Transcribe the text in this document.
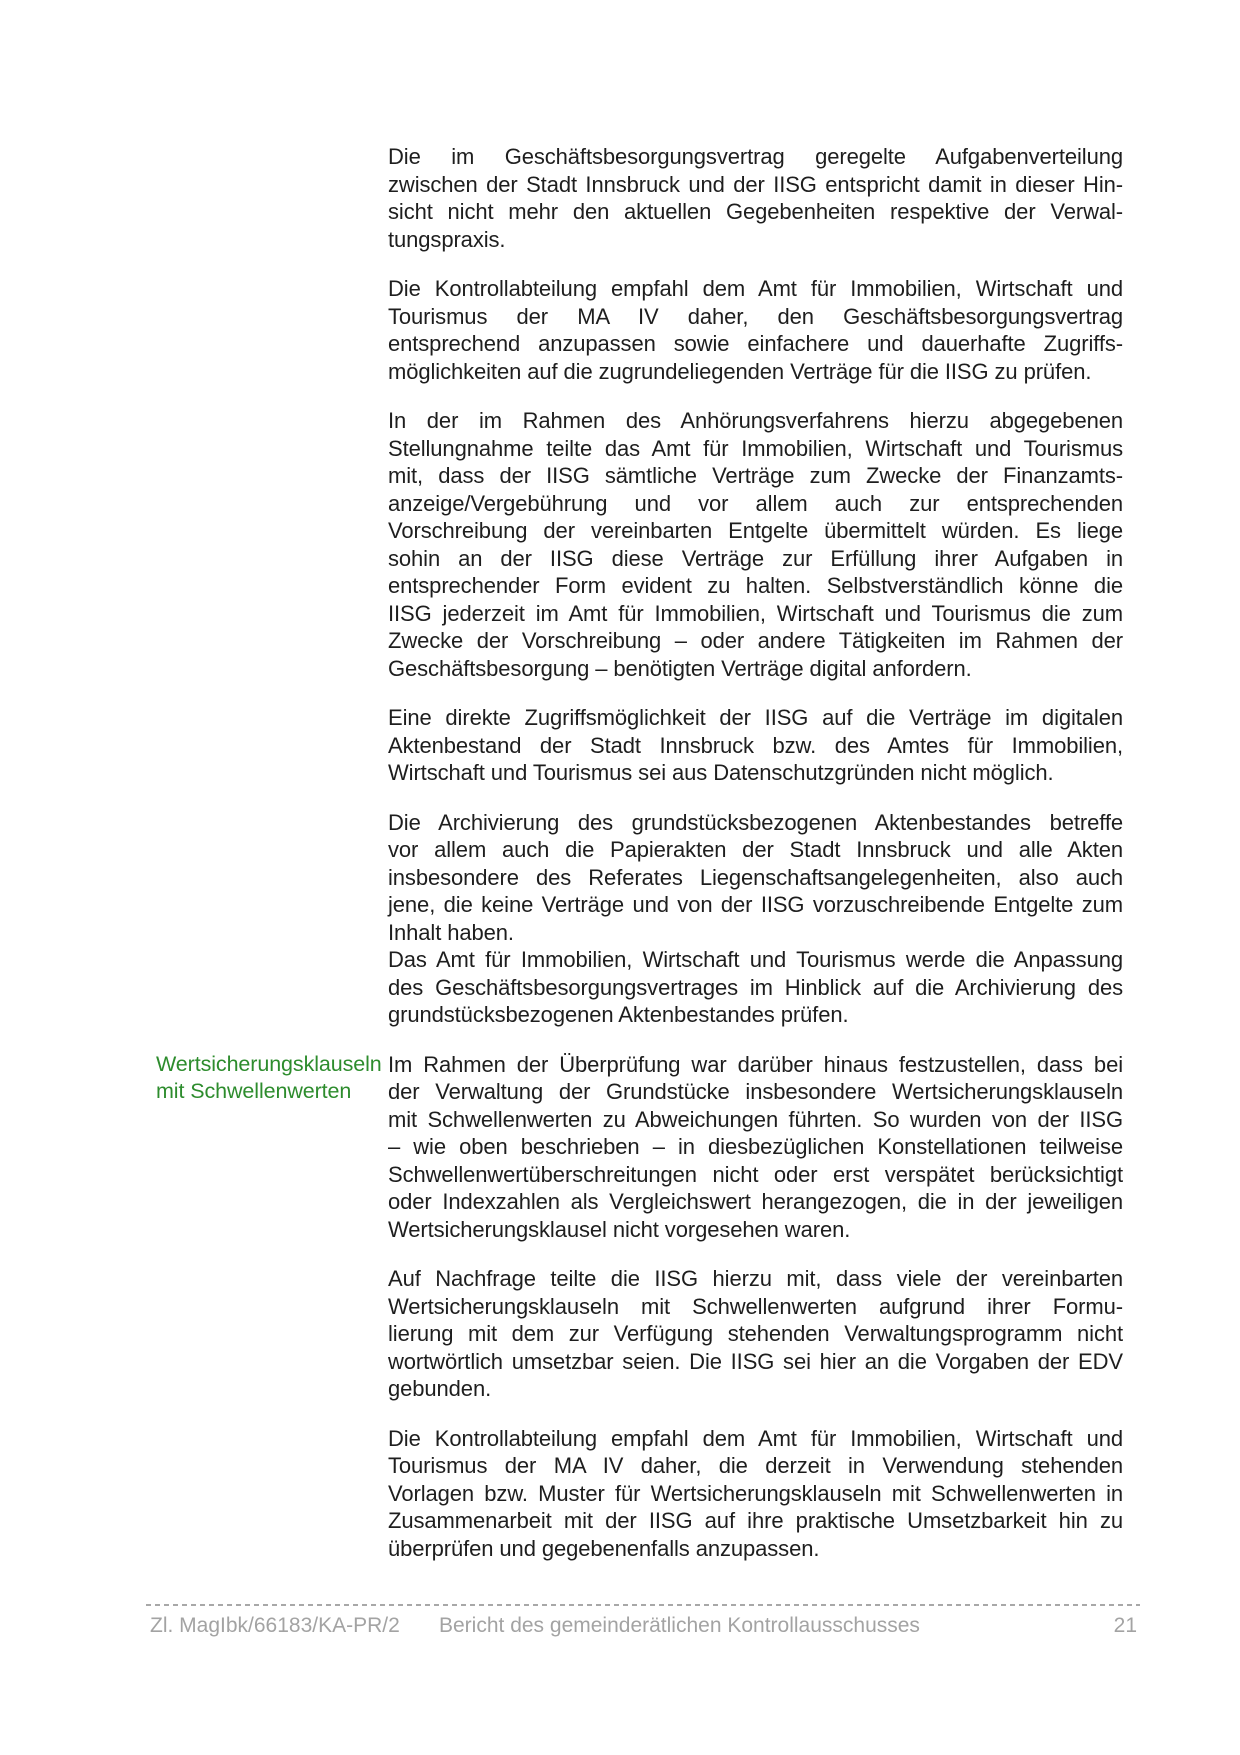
Die im Geschäftsbesorgungsvertrag geregelte Aufgabenverteilung
zwischen der Stadt Innsbruck und der IISG entspricht damit in dieser Hin-
sicht nicht mehr den aktuellen Gegebenheiten respektive der Verwal-
tungspraxis.
Die Kontrollabteilung empfahl dem Amt für Immobilien, Wirtschaft und
Tourismus der MA IV daher, den Geschäftsbesorgungsvertrag
entsprechend anzupassen sowie einfachere und dauerhafte Zugriffs-
möglichkeiten auf die zugrundeliegenden Verträge für die IISG zu prüfen.
In der im Rahmen des Anhörungsverfahrens hierzu abgegebenen
Stellungnahme teilte das Amt für Immobilien, Wirtschaft und Tourismus
mit, dass der IISG sämtliche Verträge zum Zwecke der Finanzamts-
anzeige/Vergebührung und vor allem auch zur entsprechenden
Vorschreibung der vereinbarten Entgelte übermittelt würden. Es liege
sohin an der IISG diese Verträge zur Erfüllung ihrer Aufgaben in
entsprechender Form evident zu halten. Selbstverständlich könne die
IISG jederzeit im Amt für Immobilien, Wirtschaft und Tourismus die zum
Zwecke der Vorschreibung – oder andere Tätigkeiten im Rahmen der
Geschäftsbesorgung – benötigten Verträge digital anfordern.
Eine direkte Zugriffsmöglichkeit der IISG auf die Verträge im digitalen
Aktenbestand der Stadt Innsbruck bzw. des Amtes für Immobilien,
Wirtschaft und Tourismus sei aus Datenschutzgründen nicht möglich.
Die Archivierung des grundstücksbezogenen Aktenbestandes betreffe
vor allem auch die Papierakten der Stadt Innsbruck und alle Akten
insbesondere des Referates Liegenschaftsangelegenheiten, also auch
jene, die keine Verträge und von der IISG vorzuschreibende Entgelte zum
Inhalt haben.
Das Amt für Immobilien, Wirtschaft und Tourismus werde die Anpassung
des Geschäftsbesorgungsvertrages im Hinblick auf die Archivierung des
grundstücksbezogenen Aktenbestandes prüfen.
Wertsicherungsklauseln mit Schwellenwerten
Im Rahmen der Überprüfung war darüber hinaus festzustellen, dass bei
der Verwaltung der Grundstücke insbesondere Wertsicherungsklauseln
mit Schwellenwerten zu Abweichungen führten. So wurden von der IISG
– wie oben beschrieben – in diesbezüglichen Konstellationen teilweise
Schwellenwertüberschreitungen nicht oder erst verspätet berücksichtigt
oder Indexzahlen als Vergleichswert herangezogen, die in der jeweiligen
Wertsicherungsklausel nicht vorgesehen waren.
Auf Nachfrage teilte die IISG hierzu mit, dass viele der vereinbarten
Wertsicherungsklauseln mit Schwellenwerten aufgrund ihrer Formu-
lierung mit dem zur Verfügung stehenden Verwaltungsprogramm nicht
wortwörtlich umsetzbar seien. Die IISG sei hier an die Vorgaben der EDV
gebunden.
Die Kontrollabteilung empfahl dem Amt für Immobilien, Wirtschaft und
Tourismus der MA IV daher, die derzeit in Verwendung stehenden
Vorlagen bzw. Muster für Wertsicherungsklauseln mit Schwellenwerten in
Zusammenarbeit mit der IISG auf ihre praktische Umsetzbarkeit hin zu
überprüfen und gegebenenfalls anzupassen.
Zl. MagIbk/66183/KA-PR/2 Bericht des gemeinderätlichen Kontrollausschusses	21
